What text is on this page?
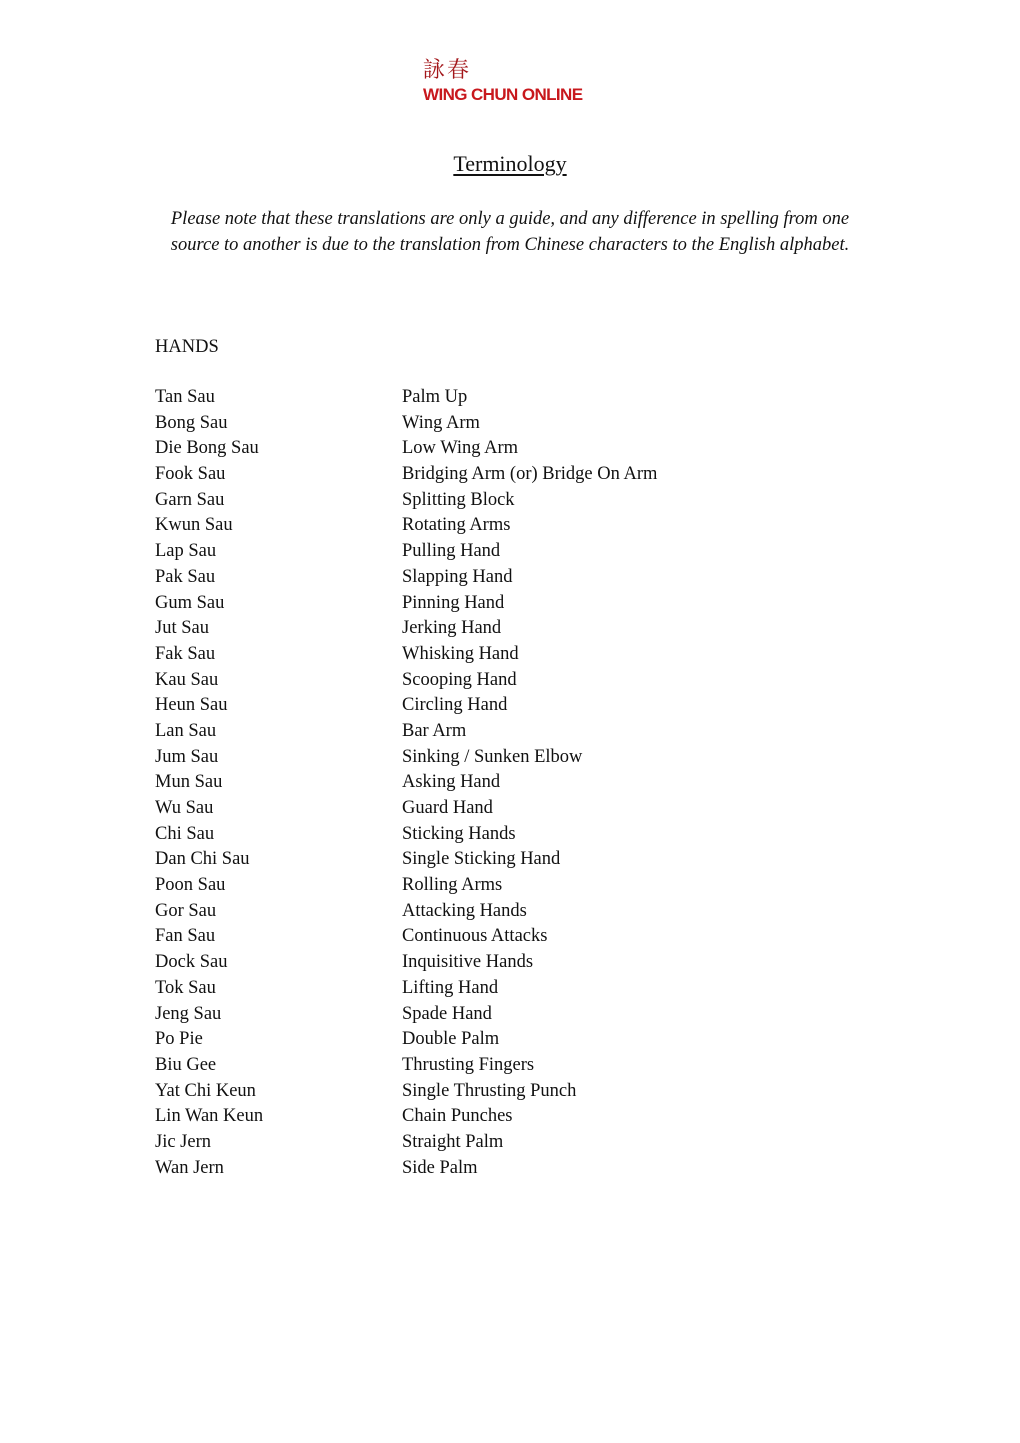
詠春
WING CHUN ONLINE
Terminology
Please note that these translations are only a guide, and any difference in spelling from one source to another is due to the translation from Chinese characters to the English alphabet.
HANDS
Tan Sau	Palm Up
Bong Sau	Wing Arm
Die Bong Sau	Low Wing Arm
Fook Sau	Bridging Arm (or) Bridge On Arm
Garn Sau	Splitting Block
Kwun Sau	Rotating Arms
Lap Sau	Pulling Hand
Pak Sau	Slapping Hand
Gum Sau	Pinning Hand
Jut Sau	Jerking Hand
Fak Sau	Whisking Hand
Kau Sau	Scooping Hand
Heun Sau	Circling Hand
Lan Sau	Bar Arm
Jum Sau	Sinking / Sunken Elbow
Mun Sau	Asking Hand
Wu Sau	Guard Hand
Chi Sau	Sticking Hands
Dan Chi Sau	Single Sticking Hand
Poon Sau	Rolling Arms
Gor Sau	Attacking Hands
Fan Sau	Continuous Attacks
Dock Sau	Inquisitive Hands
Tok Sau	Lifting Hand
Jeng Sau	Spade Hand
Po Pie	Double Palm
Biu Gee	Thrusting Fingers
Yat Chi Keun	Single Thrusting Punch
Lin Wan Keun	Chain Punches
Jic Jern	Straight Palm
Wan Jern	Side Palm
